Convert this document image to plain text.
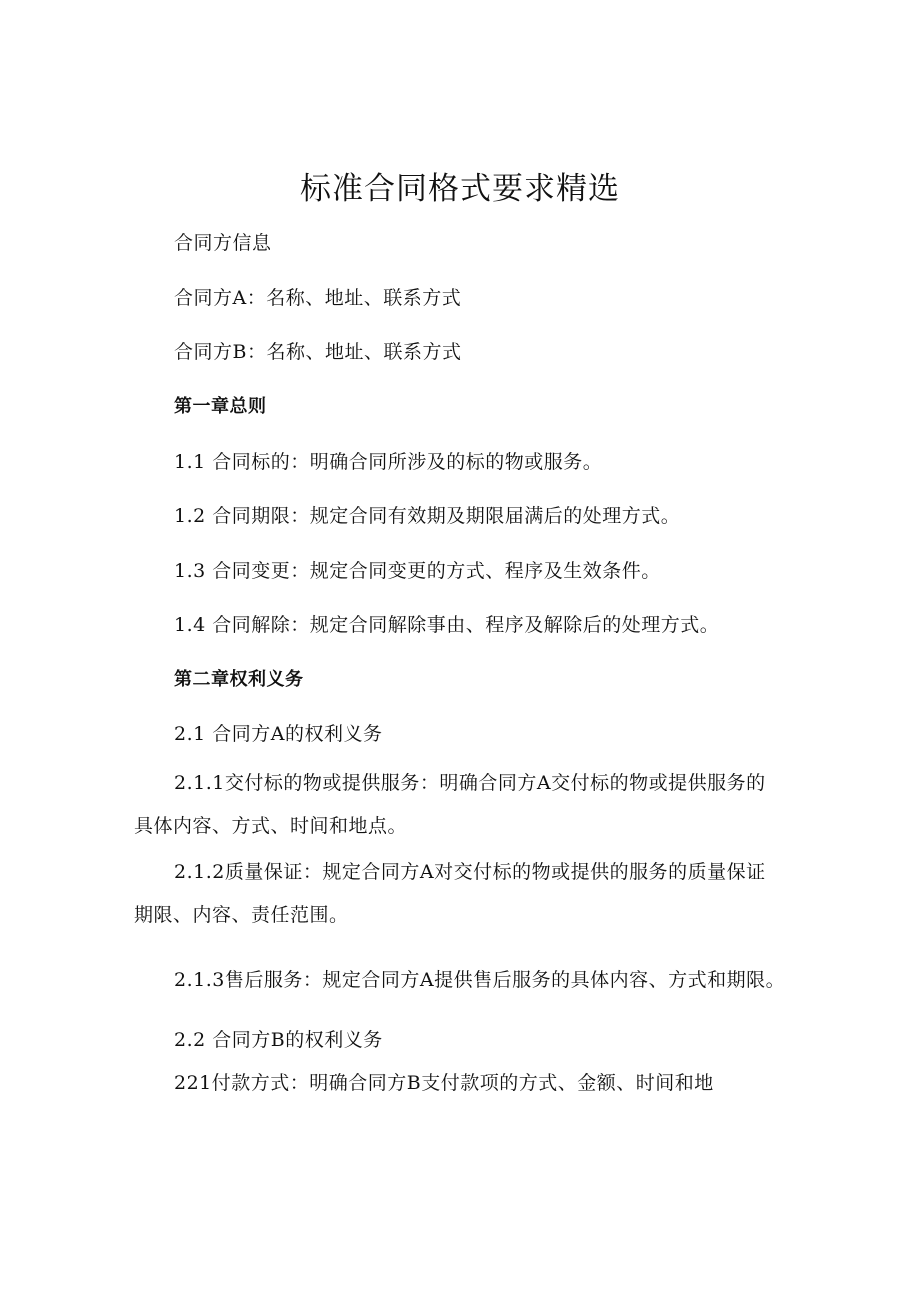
标准合同格式要求精选
合同方信息
合同方A：名称、地址、联系方式
合同方B：名称、地址、联系方式
第一章总则
1.1 合同标的：明确合同所涉及的标的物或服务。
1.2 合同期限：规定合同有效期及期限届满后的处理方式。
1.3 合同变更：规定合同变更的方式、程序及生效条件。
1.4 合同解除：规定合同解除事由、程序及解除后的处理方式。
第二章权利义务
2.1 合同方A的权利义务
2.1.1交付标的物或提供服务：明确合同方A交付标的物或提供服务的具体内容、方式、时间和地点。
2.1.2质量保证：规定合同方A对交付标的物或提供的服务的质量保证期限、内容、责任范围。
2.1.3售后服务：规定合同方A提供售后服务的具体内容、方式和期限。
2.2 合同方B的权利义务
221付款方式：明确合同方B支付款项的方式、金额、时间和地
